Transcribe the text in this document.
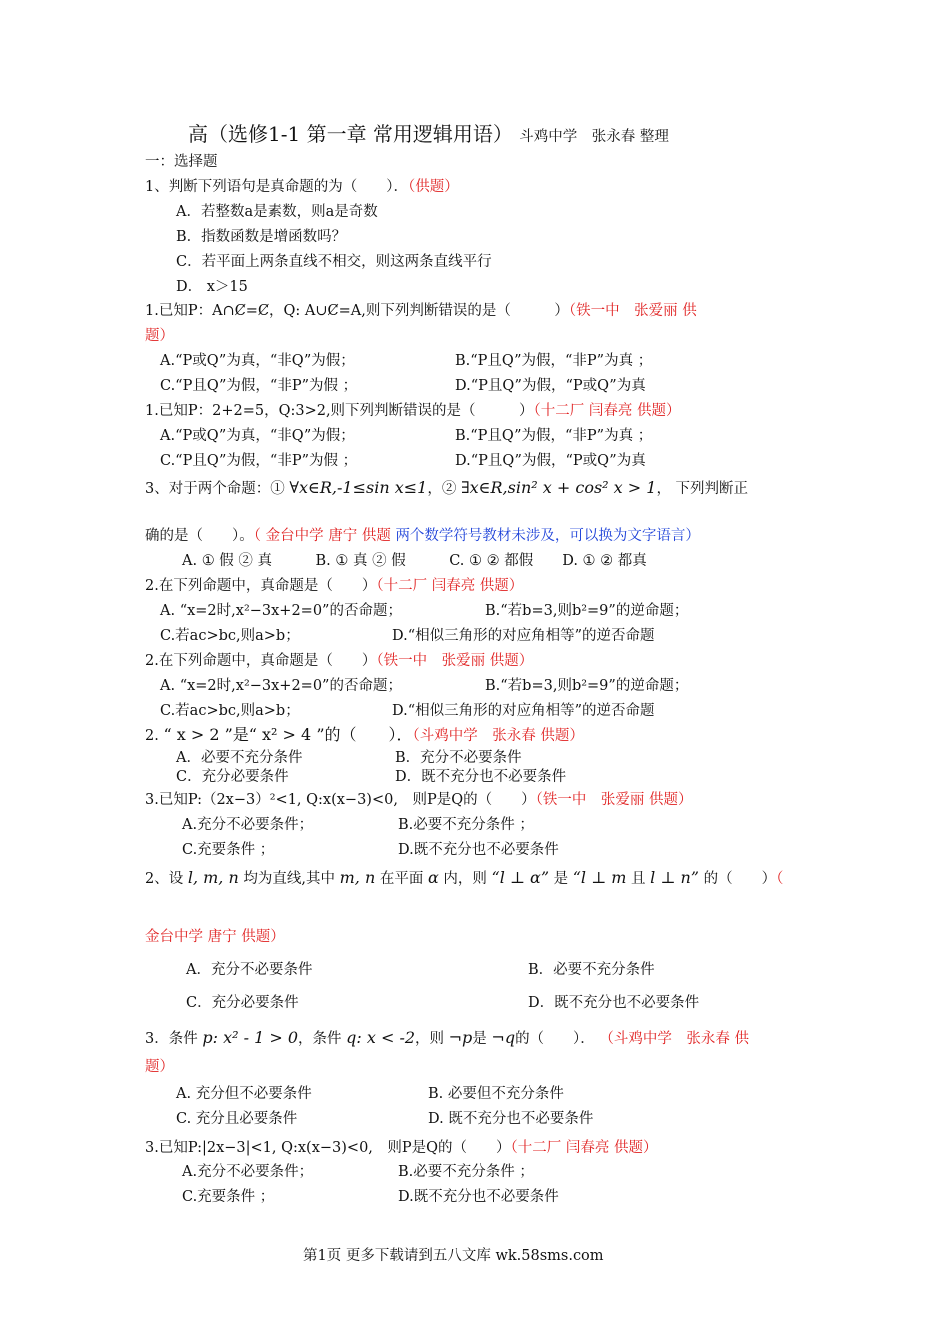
高（选修1-1 第一章 常用逻辑用语） 斗鸡中学　张永春 整理
一：选择题
1、判断下列语句是真命题的为（　　）．（供题）
A．若整数a是素数，则a是奇数
B．指数函数是增函数吗？
C．若平面上两条直线不相交，则这两条直线平行
D． x＞15
1.已知P：A∩Ȼ=Ȼ，Q: A∪Ȼ=A,则下列判断错误的是（　　　）（铁一中　张爱丽 供
题）
A.“P或Q”为真，“非Q”为假；	B.“P且Q”为假，“非P”为真 ；
C.“P且Q”为假，“非P”为假 ；	D.“P且Q”为假，“P或Q”为真
1.已知P：2+2=5，Q:3>2,则下列判断错误的是（　　　）（十二厂 闫春亮 供题）
A.“P或Q”为真，“非Q”为假；	B.“P且Q”为假，“非P”为真 ；
C.“P且Q”为假，“非P”为假 ；	D.“P且Q”为假，“P或Q”为真
3、对于两个命题：① ∀x∈R,-1≤sin x≤1，② ∃x∈R,sin² x + cos² x > 1， 下列判断正
确的是（　　）。（ 金台中学 唐宁 供题 两个数学符号教材未涉及，可以换为文字语言）
A. ① 假 ② 真　　　B. ① 真 ② 假　　　C. ① ② 都假　　D. ① ② 都真
2.在下列命题中，真命题是（　　）（十二厂 闫春亮 供题）
A. “x=2时,x²−3x+2=0”的否命题；	B.“若b=3,则b²=9”的逆命题；
C.若ac>bc,则a>b；	D.“相似三角形的对应角相等”的逆否命题
2.在下列命题中，真命题是（　　）（铁一中　张爱丽 供题）
A. “x=2时,x²−3x+2=0”的否命题；	B.“若b=3,则b²=9”的逆命题；
C.若ac>bc,则a>b；	D.“相似三角形的对应角相等”的逆否命题
2. “ x > 2 ”是“ x² > 4 ”的（　　）．（斗鸡中学　张永春 供题）
A．必要不充分条件	B．充分不必要条件
C．充分必要条件	D．既不充分也不必要条件
3.已知P:（2x−3）²<1, Q:x(x−3)<0,　则P是Q的（　　）（铁一中　张爱丽 供题）
A.充分不必要条件；	B.必要不充分条件 ；
C.充要条件 ；	D.既不充分也不必要条件
2、设 l, m, n 均为直线,其中 m, n 在平面 α 内，则 “l ⊥ α” 是 “l ⊥ m 且 l ⊥ n” 的（　　）（
金台中学 唐宁 供题）
A．充分不必要条件	B．必要不充分条件
C．充分必要条件	D．既不充分也不必要条件
3．条件 p: x² - 1 > 0，条件 q: x < -2，则 ¬p是 ¬q的（　　）． （斗鸡中学　张永春 供
题）
A. 充分但不必要条件	B. 必要但不充分条件
C. 充分且必要条件	D. 既不充分也不必要条件
3.已知P:|2x−3|<1, Q:x(x−3)<0,　则P是Q的（　　）（十二厂 闫春亮 供题）
A.充分不必要条件；	B.必要不充分条件 ；
C.充要条件 ；	D.既不充分也不必要条件
第1页 更多下载请到五八文库 wk.58sms.com
